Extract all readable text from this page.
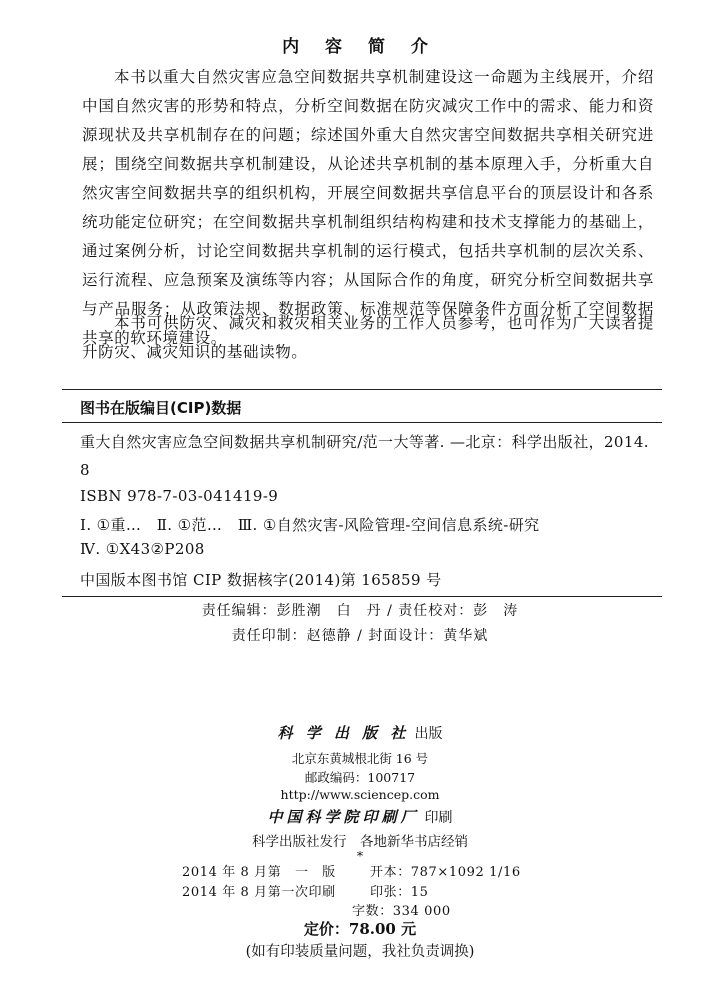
内 容 简 介
本书以重大自然灾害应急空间数据共享机制建设这一命题为主线展开，介绍中国自然灾害的形势和特点，分析空间数据在防灾减灾工作中的需求、能力和资源现状及共享机制存在的问题；综述国外重大自然灾害空间数据共享相关研究进展；围绕空间数据共享机制建设，从论述共享机制的基本原理入手，分析重大自然灾害空间数据共享的组织机构，开展空间数据共享信息平台的顶层设计和各系统功能定位研究；在空间数据共享机制组织结构构建和技术支撑能力的基础上，通过案例分析，讨论空间数据共享机制的运行模式，包括共享机制的层次关系、运行流程、应急预案及演练等内容；从国际合作的角度，研究分析空间数据共享与产品服务；从政策法规、数据政策、标准规范等保障条件方面分析了空间数据共享的软环境建设。
本书可供防灾、减灾和救灾相关业务的工作人员参考，也可作为广大读者提升防灾、减灾知识的基础读物。
图书在版编目(CIP)数据
重大自然灾害应急空间数据共享机制研究/范一大等著. —北京：科学出版社，2014. 8
ISBN 978-7-03-041419-9
Ⅰ. ①重…　Ⅱ. ①范…　Ⅲ. ①自然灾害-风险管理-空间信息系统-研究
Ⅳ. ①X43②P208
中国版本图书馆 CIP 数据核字(2014)第 165859 号
责任编辑：彭胜潮　白　丹 / 责任校对：彭　涛
责任印制：赵德静 / 封面设计：黄华斌
科 学 出 版 社 出版
北京东黄城根北街 16 号
邮政编码：100717
http://www.sciencep.com
中国科学院印刷厂 印刷
科学出版社发行　各地新华书店经销
*
2014 年 8 月第　一　版	开本：787×1092 1/16
2014 年 8 月第一次印刷	印张：15
字数：334 000
定价：78.00 元
(如有印装质量问题，我社负责调换)
